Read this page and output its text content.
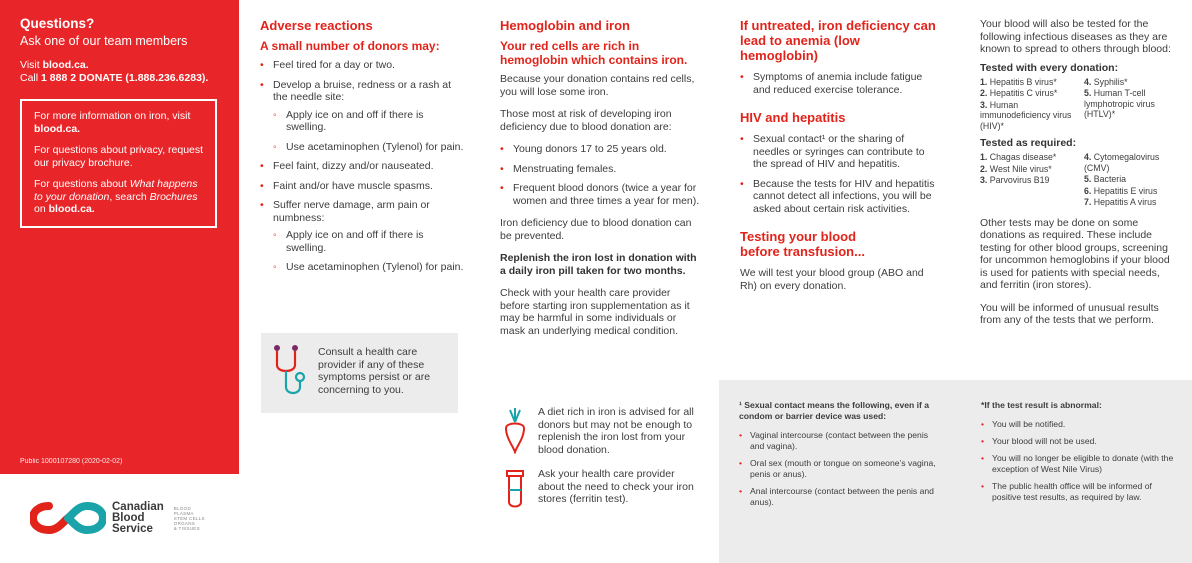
Questions?
Ask one of our team members
Visit blood.ca.
Call 1 888 2 DONATE (1.888.236.6283).

For more information on iron, visit blood.ca.

For questions about privacy, request our privacy brochure.

For questions about What happens to your donation, search Brochures on blood.ca.

Public 1000107280 (2020-02-02)
Canadian
Blood
Service
BLOOD
PLASMA
STEM CELLS
ORGANS
& TISSUES
Adverse reactions
A small number of donors may:
• Feel tired for a day or two.
• Develop a bruise, redness or a rash at the needle site:
◦ Apply ice on and off if there is swelling.
◦ Use acetaminophen (Tylenol) for pain.
• Feel faint, dizzy and/or nauseated.
• Faint and/or have muscle spasms.
• Suffer nerve damage, arm pain or numbness:
◦ Apply ice on and off if there is swelling.
◦ Use acetaminophen (Tylenol) for pain.
Consult a health care provider if any of these symptoms persist or are concerning to you.
Hemoglobin and iron
Your red cells are rich in hemoglobin which contains iron.

Because your donation contains red cells, you will lose some iron.

Those most at risk of developing iron deficiency due to blood donation are:

• Young donors 17 to 25 years old.
• Menstruating females.
• Frequent blood donors (twice a year for women and three times a year for men).

Iron deficiency due to blood donation can be prevented.

Replenish the iron lost in donation with a daily iron pill taken for two months.

Check with your health care provider before starting iron supplementation as it may be harmful in some individuals or mask an underlying medical condition.

A diet rich in iron is advised for all donors but may not be enough to replenish the iron lost from your blood donation.
Ask your health care provider about the need to check your iron stores (ferritin test).
If untreated, iron deficiency can lead to anemia (low hemoglobin)
• Symptoms of anemia include fatigue and reduced exercise tolerance.
HIV and hepatitis
• Sexual contact¹ or the sharing of needles or syringes can contribute to the spread of HIV and hepatitis.
• Because the tests for HIV and hepatitis cannot detect all infections, you will be asked about certain risk activities.
Testing your blood before transfusion...

We will test your blood group (ABO and Rh) on every donation.

Your blood will also be tested for the following infectious diseases as they are known to spread to others through blood:

Tested with every donation:
1. Hepatitis B virus*
2. Hepatitis C virus*
3. Human immunodeficiency virus (HIV)*
4. Syphilis*
5. Human T-cell lymphotropic virus (HTLV)*
Tested as required:
1. Chagas disease*
2. West Nile virus*
3. Parvovirus B19
4. Cytomegalovirus (CMV)
5. Bacteria
6. Hepatitis E virus
7. Hepatitis A virus

Other tests may be done on some donations as required. These include testing for other blood groups, screening for uncommon hemoglobins if your blood is used for patients with special needs, and ferritin (iron stores).

You will be informed of unusual results from any of the tests that we perform.

¹ Sexual contact means the following, even if a condom or barrier device was used:
• Vaginal intercourse (contact between the penis and vagina).
• Oral sex (mouth or tongue on someone’s vagina, penis or anus).
• Anal intercourse (contact between the penis and anus).
*If the test result is abnormal:
• You will be notified.
• Your blood will not be used.
• You will no longer be eligible to donate (with the exception of West Nile Virus)
• The public health office will be informed of positive test results, as required by law.
